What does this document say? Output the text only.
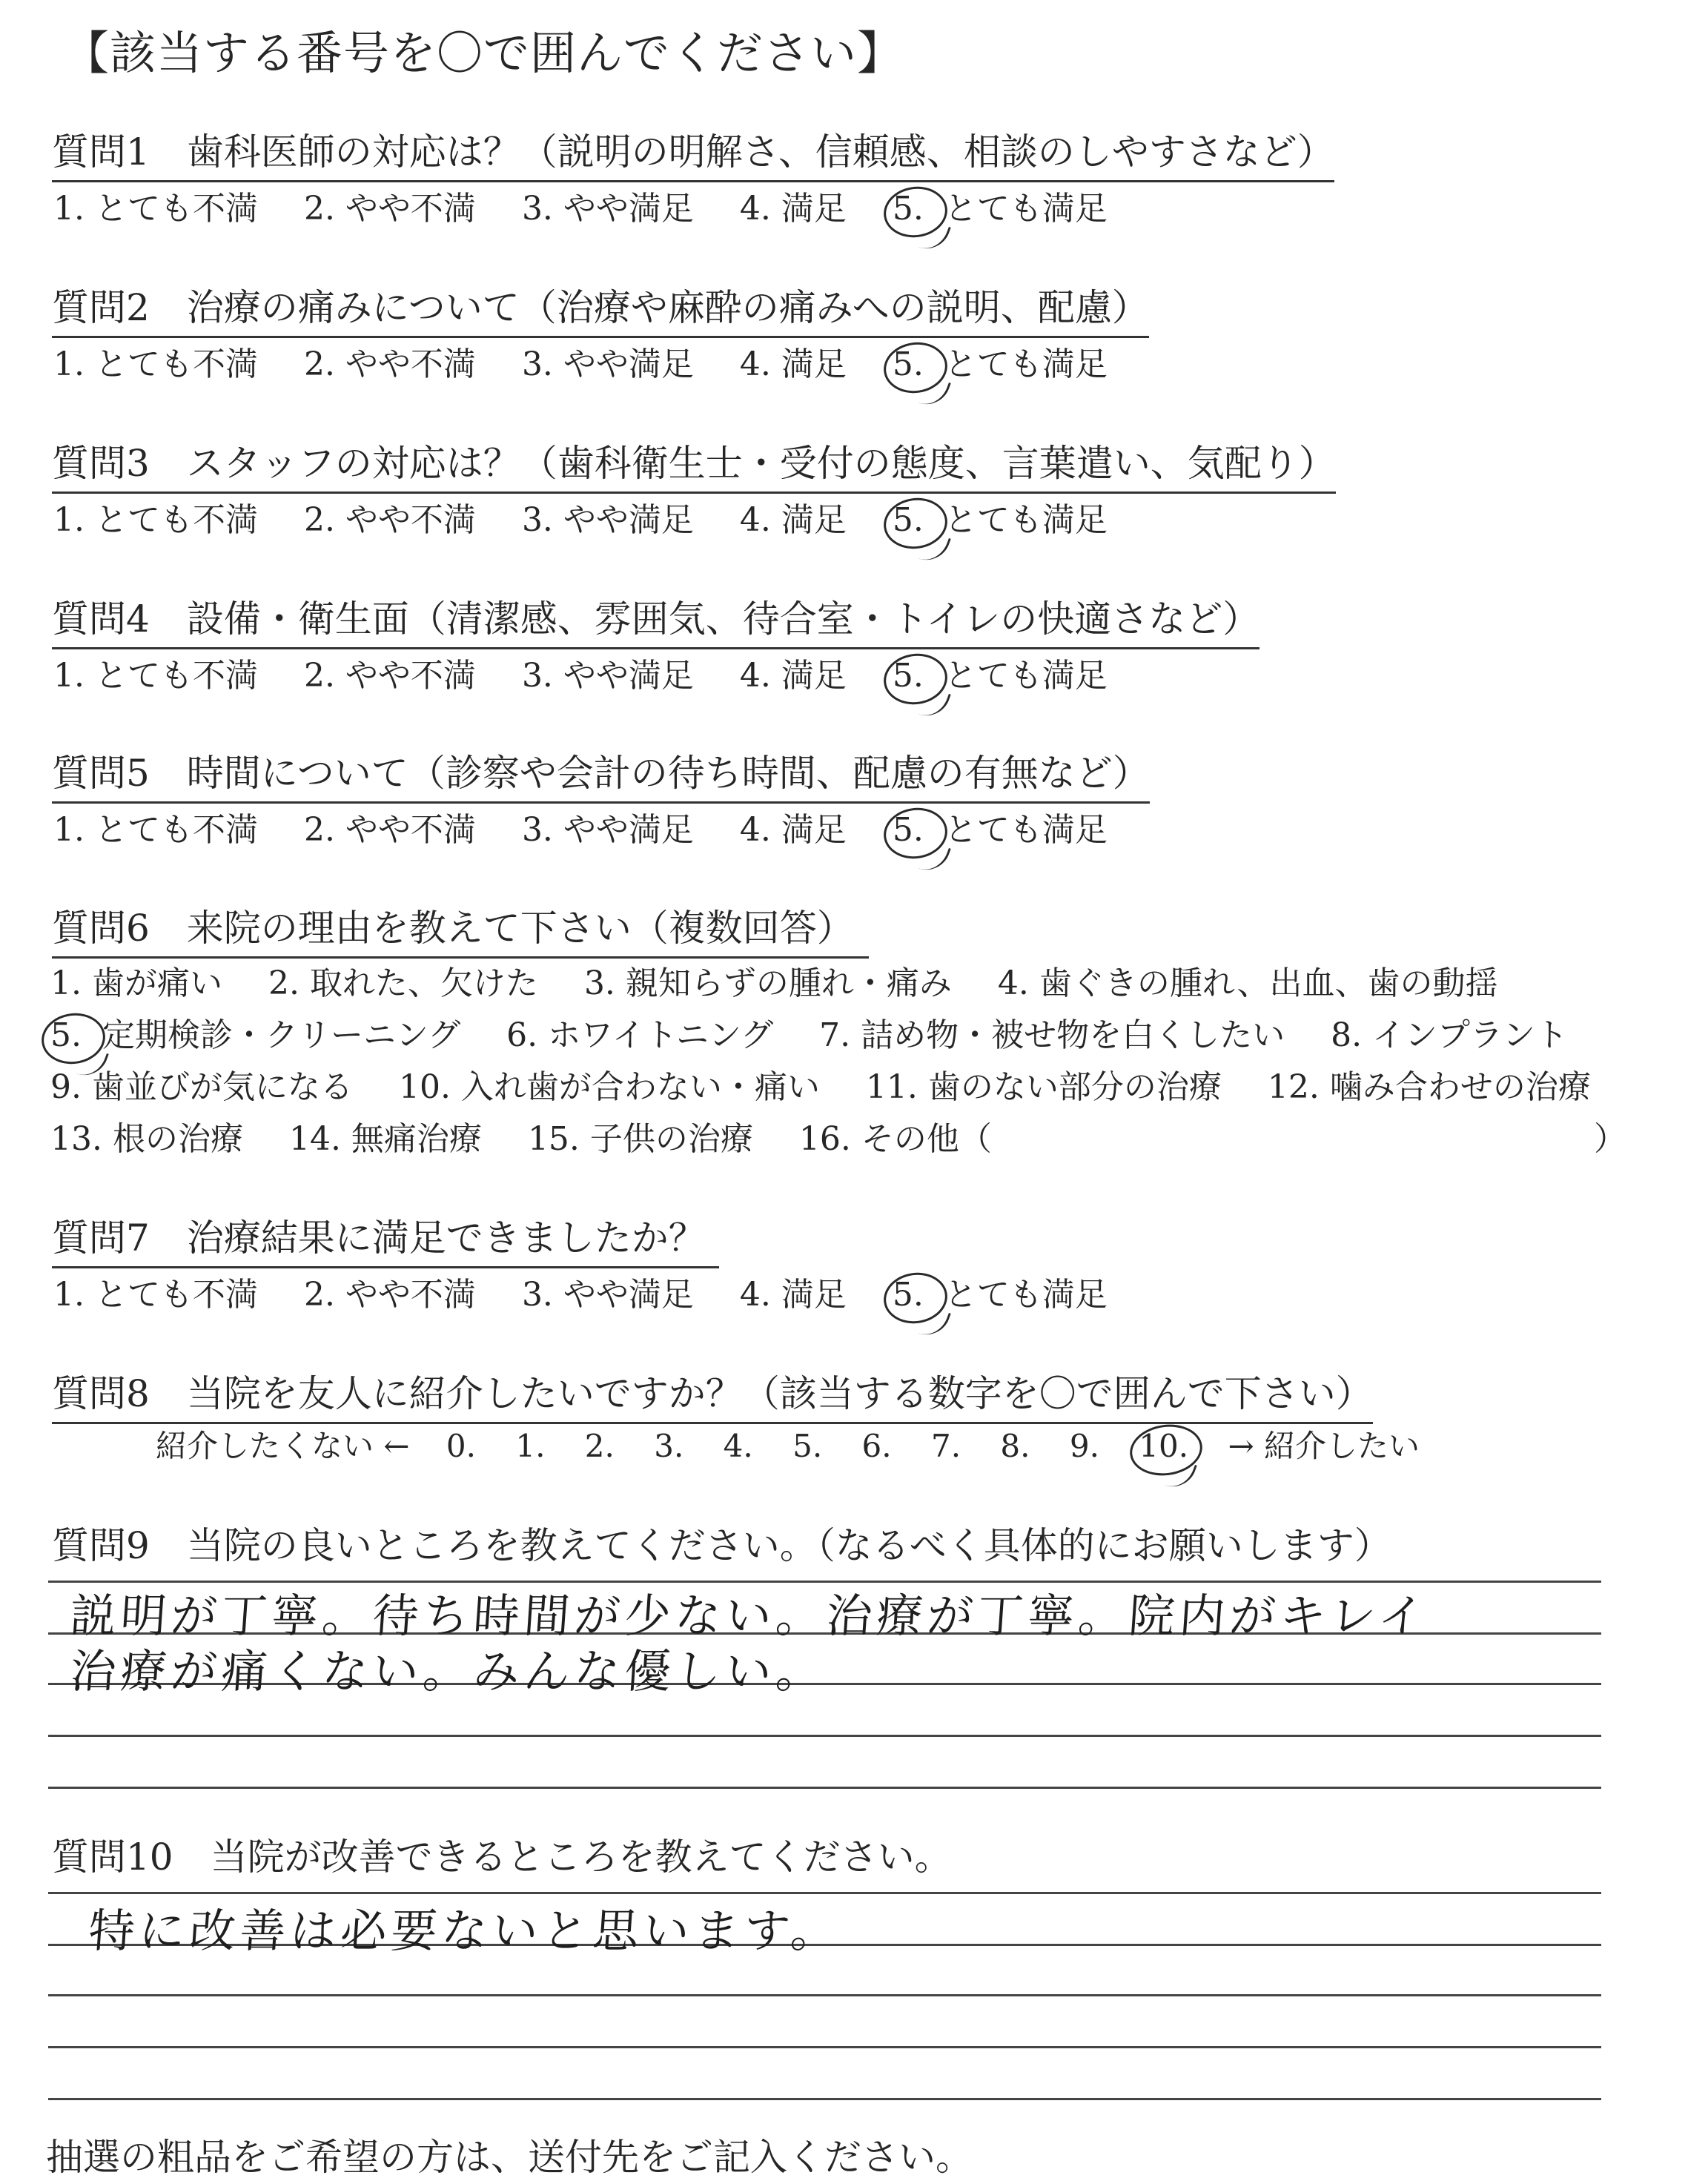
【該当する番号を〇で囲んでください】
質問1　歯科医師の対応は？（説明の明解さ、信頼感、相談のしやすさなど）
1. とても不満 2. やや不満 3. やや満足 4. 満足 5. とても満足
質問2　治療の痛みについて（治療や麻酔の痛みへの説明、配慮）
1. とても不満 2. やや不満 3. やや満足 4. 満足 5. とても満足
質問3　スタッフの対応は？（歯科衛生士・受付の態度、言葉遣い、気配り）
1. とても不満 2. やや不満 3. やや満足 4. 満足 5. とても満足
質問4　設備・衛生面（清潔感、雰囲気、待合室・トイレの快適さなど）
1. とても不満 2. やや不満 3. やや満足 4. 満足 5. とても満足
質問5　時間について（診察や会計の待ち時間、配慮の有無など）
1. とても不満 2. やや不満 3. やや満足 4. 満足 5. とても満足
質問6　来院の理由を教えて下さい（複数回答）
1. 歯が痛い 2. 取れた、欠けた 3. 親知らずの腫れ・痛み 4. 歯ぐきの腫れ、出血、歯の動揺
5. 定期検診・クリーニング 6. ホワイトニング 7. 詰め物・被せ物を白くしたい 8. インプラント
9. 歯並びが気になる 10. 入れ歯が合わない・痛い 11. 歯のない部分の治療 12. 噛み合わせの治療
13. 根の治療 14. 無痛治療 15. 子供の治療 16. その他（	）
質問7　治療結果に満足できましたか？
1. とても不満 2. やや不満 3. やや満足 4. 満足 5. とても満足
質問8　当院を友人に紹介したいですか？（該当する数字を〇で囲んで下さい）
紹介したくない ← 0. 1. 2. 3. 4. 5. 6. 7. 8. 9. 10. → 紹介したい
質問9　当院の良いところを教えてください。（なるべく具体的にお願いします）
説明が丁寧。待ち時間が少ない。治療が丁寧。院内がキレイ
治療が痛くない。みんな優しい。
質問10　当院が改善できるところを教えてください。
特に改善は必要ないと思います。
抽選の粗品をご希望の方は、送付先をご記入ください。
